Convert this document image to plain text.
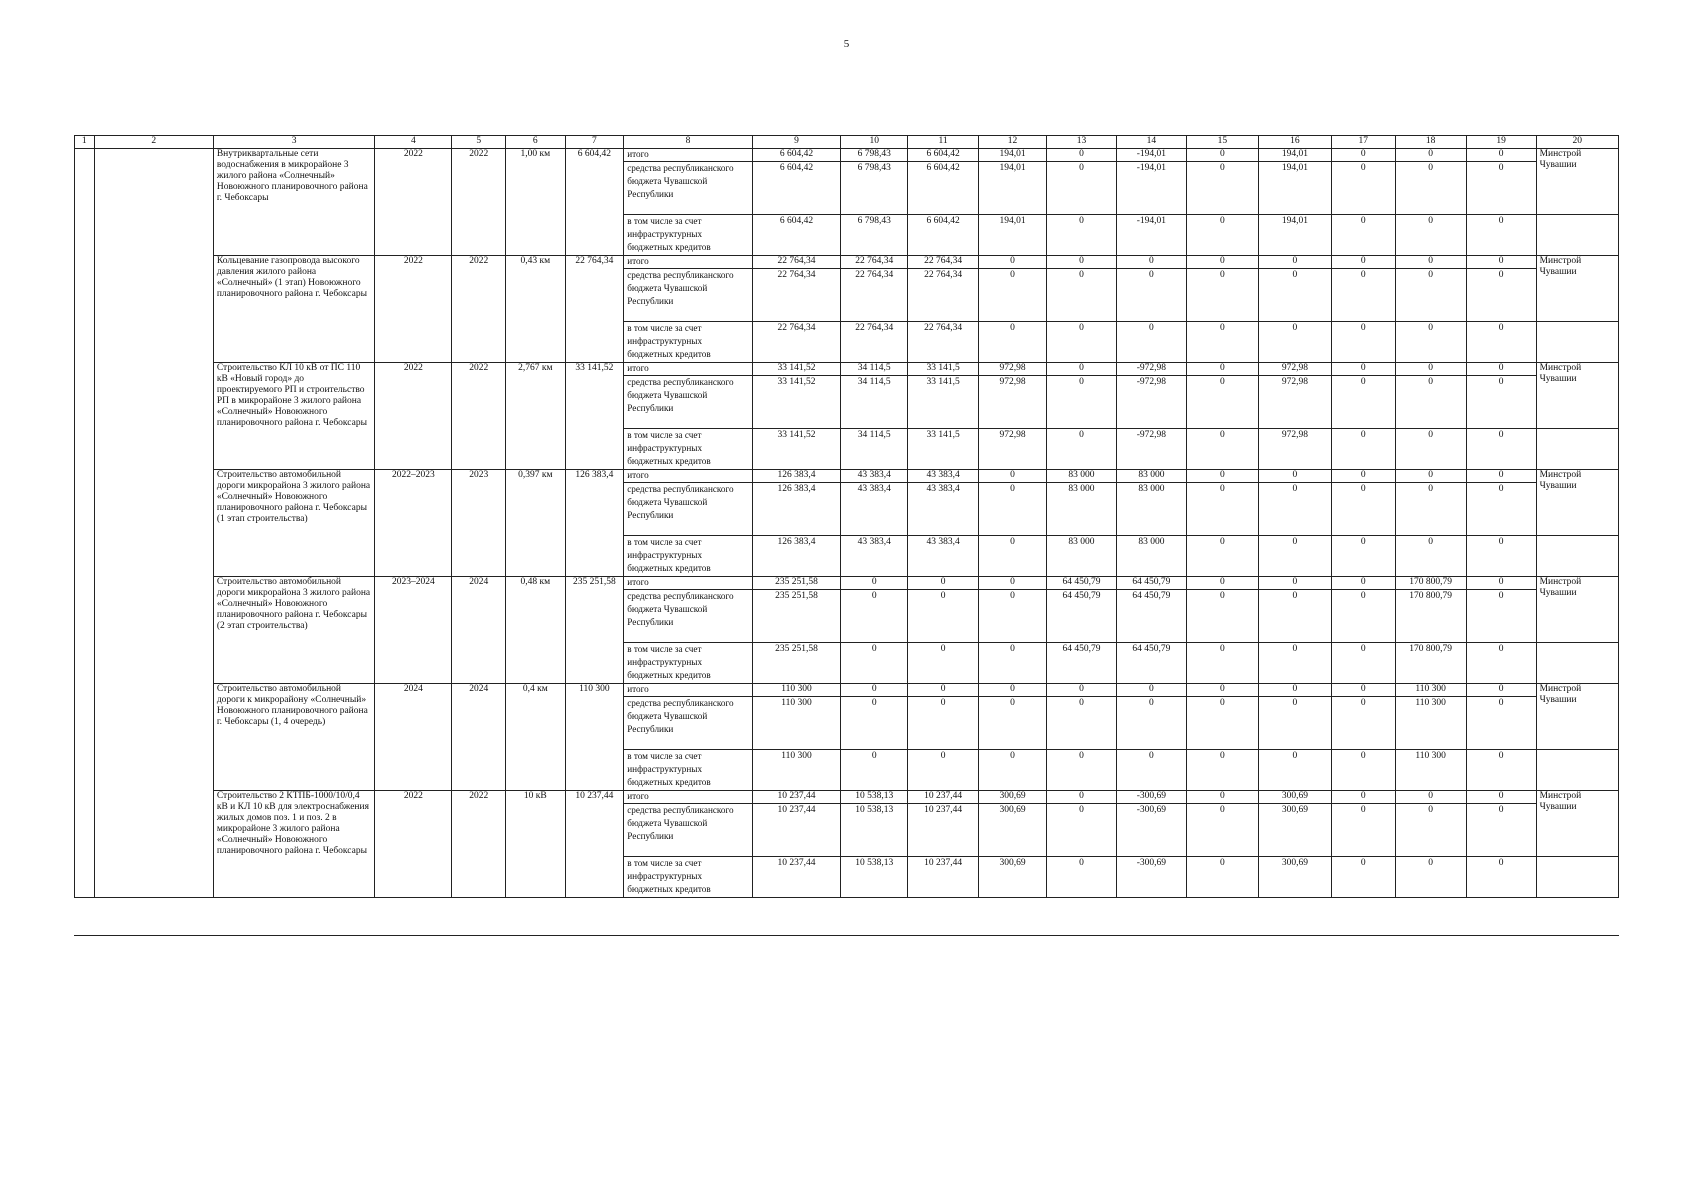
5
1	2	3	4	5	6	7	8	9	10	11	12	13	14	15	16	17	18	19	20
		Внутриквартальные сети водоснабжения в микрорайоне 3 жилого района «Солнечный» Новоюжного планировочного района г. Чебоксары	2022	2022	1,00 км	6 604,42	итого	6 604,42	6 798,43	6 604,42	194,01	0	-194,01	0	194,01	0	0	0	Минстрой Чувашии
							средства республиканского бюджета Чувашской Республики	6 604,42	6 798,43	6 604,42	194,01	0	-194,01	0	194,01	0	0	0	
							в том числе за счет инфраструктурных бюджетных кредитов	6 604,42	6 798,43	6 604,42	194,01	0	-194,01	0	194,01	0	0	0	
		Кольцевание газопровода высокого давления жилого района «Солнечный» (1 этап) Новоюжного планировочного района г. Чебоксары	2022	2022	0,43 км	22 764,34	итого	22 764,34	22 764,34	22 764,34	0	0	0	0	0	0	0	0	Минстрой Чувашии
							средства республиканского бюджета Чувашской Республики	22 764,34	22 764,34	22 764,34	0	0	0	0	0	0	0	0	
							в том числе за счет инфраструктурных бюджетных кредитов	22 764,34	22 764,34	22 764,34	0	0	0	0	0	0	0	0	
		Строительство КЛ 10 кВ от ПС 110 кВ «Новый город» до проектируемого РП и строительство РП в микрорайоне 3 жилого района «Солнечный» Новоюжного планировочного района г. Чебоксары	2022	2022	2,767 км	33 141,52	итого	33 141,52	34 114,5	33 141,5	972,98	0	-972,98	0	972,98	0	0	0	Минстрой Чувашии
							средства республиканского бюджета Чувашской Республики	33 141,52	34 114,5	33 141,5	972,98	0	-972,98	0	972,98	0	0	0	
							в том числе за счет инфраструктурных бюджетных кредитов	33 141,52	34 114,5	33 141,5	972,98	0	-972,98	0	972,98	0	0	0	
		Строительство автомобильной дороги микрорайона 3 жилого района «Солнечный» Новоюжного планировочного района г. Чебоксары (1 этап строительства)	2022–2023	2023	0,397 км	126 383,4	итого	126 383,4	43 383,4	43 383,4	0	83 000	83 000	0	0	0	0	0	Минстрой Чувашии
							средства республиканского бюджета Чувашской Республики	126 383,4	43 383,4	43 383,4	0	83 000	83 000	0	0	0	0	0	
							в том числе за счет инфраструктурных бюджетных кредитов	126 383,4	43 383,4	43 383,4	0	83 000	83 000	0	0	0	0	0	
		Строительство автомобильной дороги микрорайона 3 жилого района «Солнечный» Новоюжного планировочного района г. Чебоксары (2 этап строительства)	2023–2024	2024	0,48 км	235 251,58	итого	235 251,58	0	0	0	64 450,79	64 450,79	0	0	0	170 800,79	0	Минстрой Чувашии
							средства республиканского бюджета Чувашской Республики	235 251,58	0	0	0	64 450,79	64 450,79	0	0	0	170 800,79	0	
							в том числе за счет инфраструктурных бюджетных кредитов	235 251,58	0	0	0	64 450,79	64 450,79	0	0	0	170 800,79	0	
		Строительство автомобильной дороги к микрорайону «Солнечный» Новоюжного планировочного района г. Чебоксары (1, 4 очередь)	2024	2024	0,4 км	110 300	итого	110 300	0	0	0	0	0	0	0	0	110 300	0	Минстрой Чувашии
							средства республиканского бюджета Чувашской Республики	110 300	0	0	0	0	0	0	0	0	110 300	0	
							в том числе за счет инфраструктурных бюджетных кредитов	110 300	0	0	0	0	0	0	0	0	110 300	0	
		Строительство 2 КТПБ-1000/10/0,4 кВ и КЛ 10 кВ для электроснабжения жилых домов поз. 1 и поз. 2 в микрорайоне 3 жилого района «Солнечный» Новоюжного планировочного района г. Чебоксары	2022	2022	10 кВ	10 237,44	итого	10 237,44	10 538,13	10 237,44	300,69	0	-300,69	0	300,69	0	0	0	Минстрой Чувашии
							средства республиканского бюджета Чувашской Республики	10 237,44	10 538,13	10 237,44	300,69	0	-300,69	0	300,69	0	0	0	
							в том числе за счет инфраструктурных бюджетных кредитов	10 237,44	10 538,13	10 237,44	300,69	0	-300,69	0	300,69	0	0	0	
